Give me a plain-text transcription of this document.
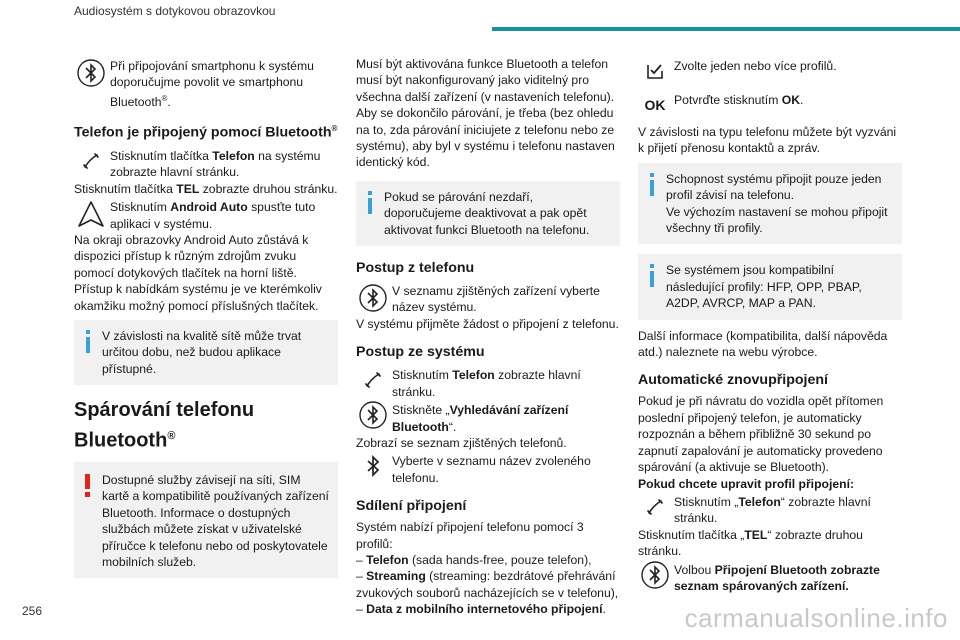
Audiosystém s dotykovou obrazovkou

Při připojování smartphonu k systému doporučujme povolit ve smartphonu Bluetooth®.

Telefon je připojený pomocí Bluetooth®

Stisknutím tlačítka Telefon na systému zobrazte hlavní stránku.

Stisknutím tlačítka TEL zobrazte druhou stránku.

Stisknutím Android Auto spusťte tuto aplikaci v systému.

Na okraji obrazovky Android Auto zůstává k dispozici přístup k různým zdrojům zvuku pomocí dotykových tlačítek na horní liště.

Přístup k nabídkám systému je ve kterémkoliv okamžiku možný pomocí příslušných tlačítek.

V závislosti na kvalitě sítě může trvat určitou dobu, než budou aplikace přístupné.

Spárování telefonu Bluetooth®

Dostupné služby závisejí na síti, SIM kartě a kompatibilitě používaných zařízení Bluetooth. Informace o dostupných službách můžete získat v uživatelské příručce k telefonu nebo od poskytovatele mobilních služeb.

Musí být aktivována funkce Bluetooth a telefon musí být nakonfigurovaný jako viditelný pro všechna další zařízení (v nastaveních telefonu). Aby se dokončilo párování, je třeba (bez ohledu na to, zda párování iniciujete z telefonu nebo ze systému), aby byl v systému i telefonu nastaven identický kód.

Pokud se párování nezdaří, doporučujeme deaktivovat a pak opět aktivovat funkci Bluetooth na telefonu.

Postup z telefonu

V seznamu zjištěných zařízení vyberte název systému.

V systému přijměte žádost o připojení z telefonu.

Postup ze systému

Stisknutím Telefon zobrazte hlavní stránku.

Stiskněte „Vyhledávání zařízení Bluetooth“.

Zobrazí se seznam zjištěných telefonů.

Vyberte v seznamu název zvoleného telefonu.

Sdílení připojení

Systém nabízí připojení telefonu pomocí 3 profilů:

– Telefon (sada hands-free, pouze telefon),

– Streaming (streaming: bezdrátové přehrávání zvukových souborů nacházejících se v telefonu),

– Data z mobilního internetového připojení.

Zvolte jeden nebo více profilů.

OK Potvrďte stisknutím OK.

V závislosti na typu telefonu můžete být vyzváni k přijetí přenosu kontaktů a zpráv.

Schopnost systému připojit pouze jeden profil závisí na telefonu.

Ve výchozím nastavení se mohou připojit všechny tři profily.

Se systémem jsou kompatibilní následující profily: HFP, OPP, PBAP, A2DP, AVRCP, MAP a PAN.

Další informace (kompatibilita, další nápověda atd.) naleznete na webu výrobce.

Automatické znovupřipojení

Pokud je při návratu do vozidla opět přítomen poslední připojený telefon, je automaticky rozpoznán a během přibližně 30 sekund po zapnutí zapalování je automaticky provedeno spárování (a aktivuje se Bluetooth).

Pokud chcete upravit profil připojení:

Stisknutím „Telefon“ zobrazte hlavní stránku.

Stisknutím tlačítka „TEL“ zobrazte druhou stránku.

Volbou Připojení Bluetooth zobrazte seznam spárovaných zařízení.

256	carmanualsonline.info
